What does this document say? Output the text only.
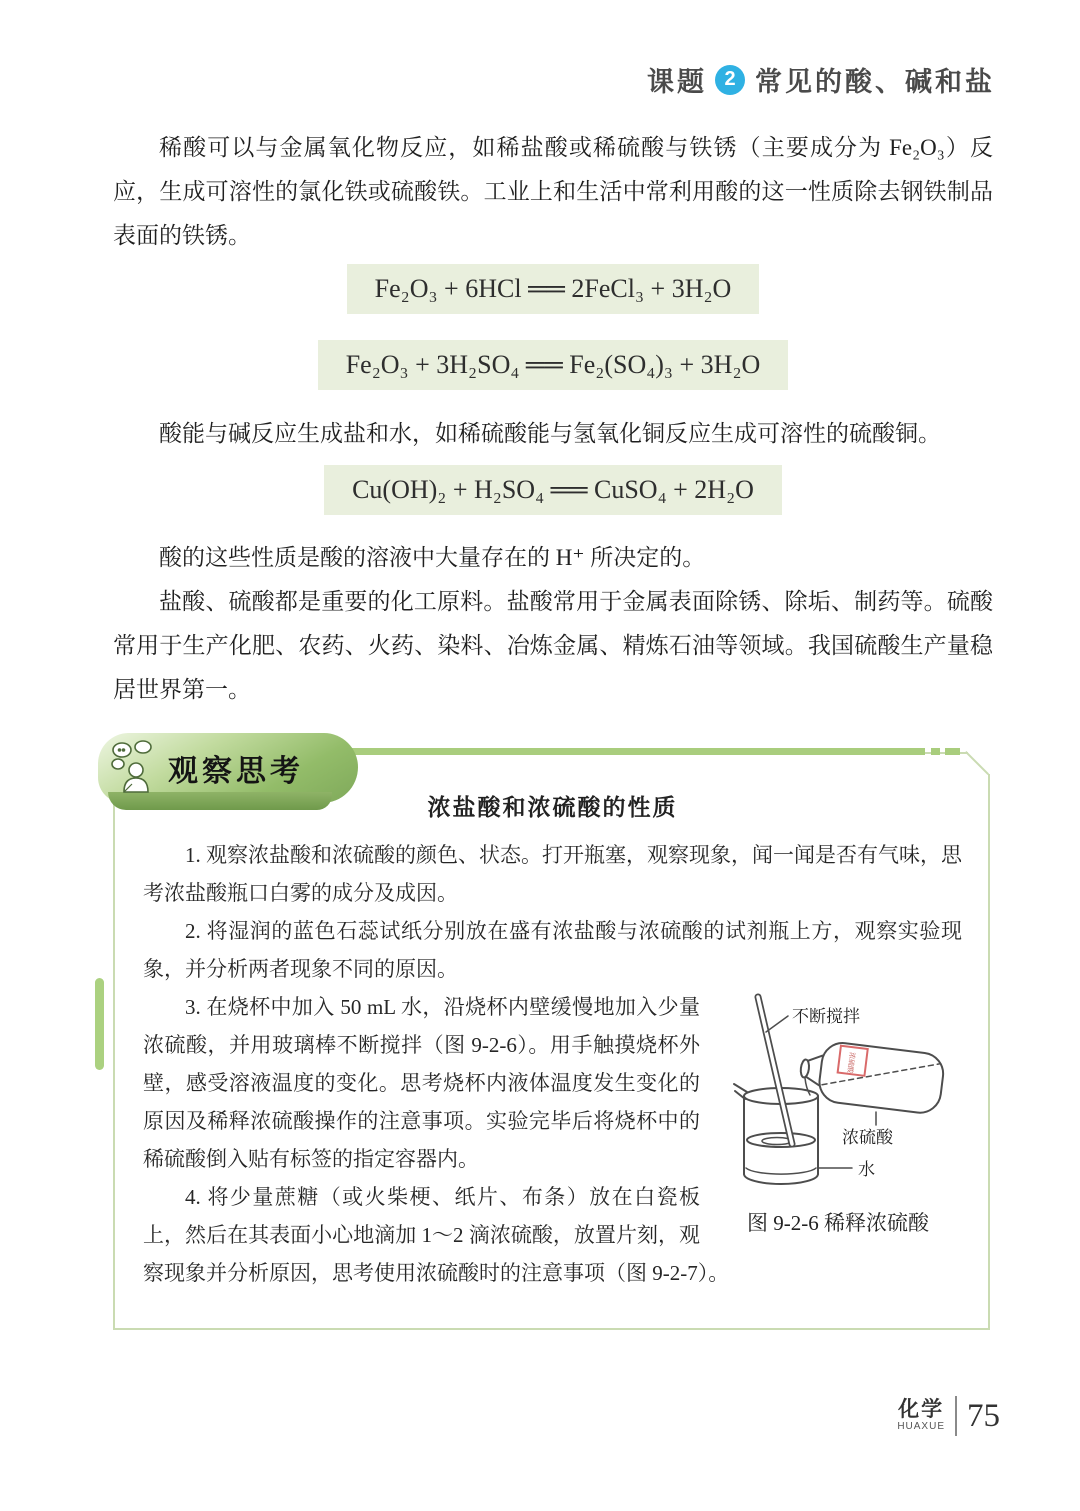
课题 2 常见的酸、碱和盐

稀酸可以与金属氧化物反应，如稀盐酸或稀硫酸与铁锈（主要成分为 Fe₂O₃）反应，生成可溶性的氯化铁或硫酸铁。工业上和生活中常利用酸的这一性质除去钢铁制品表面的铁锈。

Fe₂O₃ + 6HCl ══ 2FeCl₃ + 3H₂O
Fe₂O₃ + 3H₂SO₄ ══ Fe₂(SO₄)₃ + 3H₂O

酸能与碱反应生成盐和水，如稀硫酸能与氢氧化铜反应生成可溶性的硫酸铜。

Cu(OH)₂ + H₂SO₄ ══ CuSO₄ + 2H₂O

酸的这些性质是酸的溶液中大量存在的 H⁺ 所决定的。

盐酸、硫酸都是重要的化工原料。盐酸常用于金属表面除锈、除垢、制药等。硫酸常用于生产化肥、农药、火药、染料、冶炼金属、精炼石油等领域。我国硫酸生产量稳居世界第一。

观察思考
浓盐酸和浓硫酸的性质

1. 观察浓盐酸和浓硫酸的颜色、状态。打开瓶塞，观察现象，闻一闻是否有气味，思考浓盐酸瓶口白雾的成分及成因。

2. 将湿润的蓝色石蕊试纸分别放在盛有浓盐酸与浓硫酸的试剂瓶上方，观察实验现象，并分析两者现象不同的原因。

浓硫酸
不断搅拌
浓硫酸
水
图 9-2-6 稀释浓硫酸

3. 在烧杯中加入 50 mL 水，沿烧杯内壁缓慢地加入少量浓硫酸，并用玻璃棒不断搅拌（图 9-2-6）。用手触摸烧杯外壁，感受溶液温度的变化。思考烧杯内液体温度发生变化的原因及稀释浓硫酸操作的注意事项。实验完毕后将烧杯中的稀硫酸倒入贴有标签的指定容器内。

4. 将少量蔗糖（或火柴梗、纸片、布条）放在白瓷板上，然后在其表面小心地滴加 1～2 滴浓硫酸，放置片刻，观察现象并分析原因，思考使用浓硫酸时的注意事项（图 9-2-7）。

化学
HUAXUE 75
